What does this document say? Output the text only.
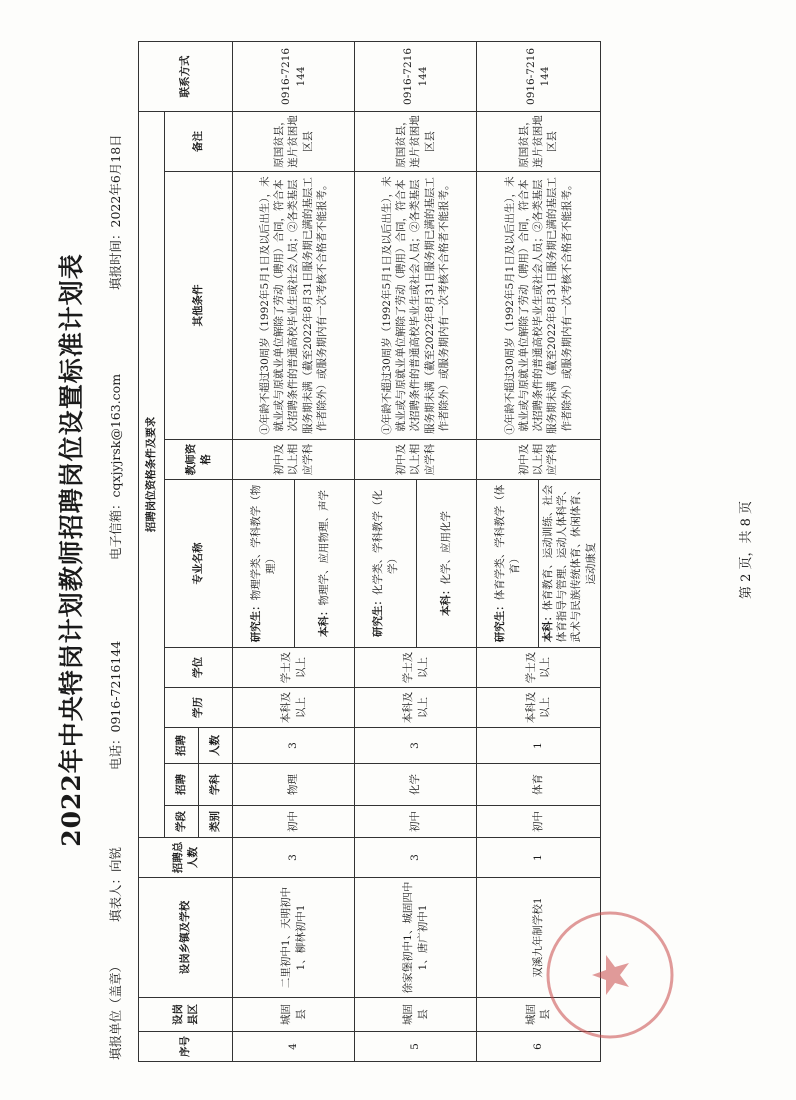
2022年中央特岗计划教师招聘岗位设置标准计划表
填报单位（盖章）
填表人：向锐
电话：0916-7216144
电子信箱：cqxjyjrsk@163.com
填报时间：2022年6月18日
序号	设岗县区	设岗乡镇及学校	招聘总人数	招聘岗位资格条件及要求									联系方式
				学段	招聘	招聘	学历	学位	专业名称	教师资格	其他条件	备注	
				类别	学科	人数							
4	城固县	二里初中1、天明初中1、柳林初中1	3	初中	物理	3	本科及以上	学士及以上	研究生：物理学类、学科教学（物理）	初中及以上相应学科	①年龄不超过30周岁（1992年5月1日及以后出生），未就业或与原就业单位解除了劳动（聘用）合同，符合本次招聘条件的普通高校毕业生或社会人员；②各类基层服务期未满（截至2022年8月31日服务期已满的基层工作者除外）或服务期内有一次考核不合格者不能报考。	原国贫县，连片贫困地区县	0916-7216144
									本科：物理学、应用物理、声学				
5	城固县	徐家堡初中1、城固四中1、唐广初中1	3	初中	化学	3	本科及以上	学士及以上	研究生：化学类、学科教学（化学）	初中及以上相应学科	①年龄不超过30周岁（1992年5月1日及以后出生），未就业或与原就业单位解除了劳动（聘用）合同，符合本次招聘条件的普通高校毕业生或社会人员；②各类基层服务期未满（截至2022年8月31日服务期已满的基层工作者除外）或服务期内有一次考核不合格者不能报考。	原国贫县，连片贫困地区县	0916-7216144
									本科：化学、应用化学				
6	城固县	双溪九年制学校1	1	初中	体育	1	本科及以上	学士及以上	研究生：体育学类、学科教学（体育）	初中及以上相应学科	①年龄不超过30周岁（1992年5月1日及以后出生），未就业或与原就业单位解除了劳动（聘用）合同，符合本次招聘条件的普通高校毕业生或社会人员；②各类基层服务期未满（截至2022年8月31日服务期已满的基层工作者除外）或服务期内有一次考核不合格者不能报考。	原国贫县，连片贫困地区县	0916-7216144
									本科：体育教育、运动训练、社会体育指导与管理、运动人体科学、武术与民族传统体育、休闲体育、运动康复					第 2 页，共 8 页
